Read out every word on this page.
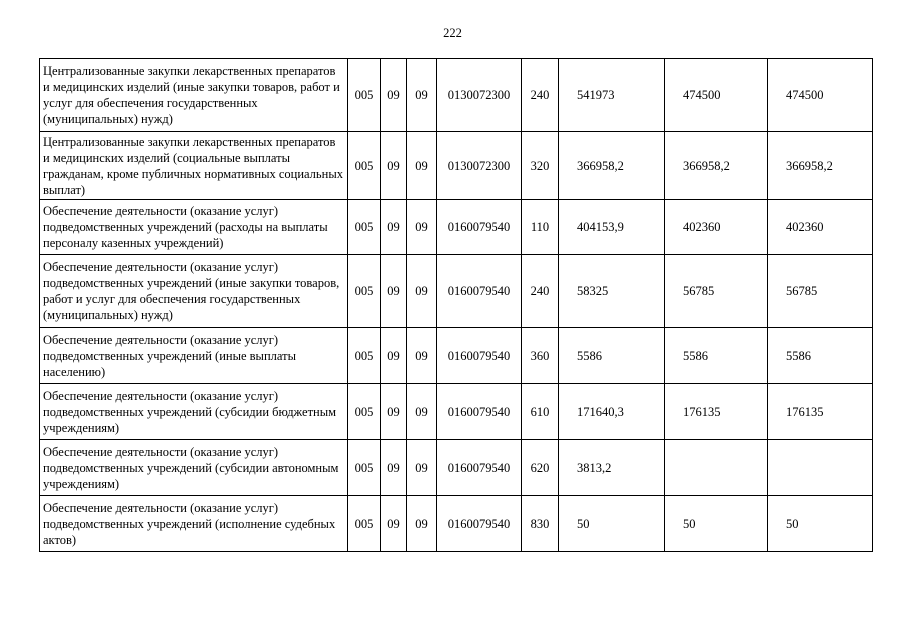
222
Централизованные закупки лекарственных препаратов и медицинских изделий (иные закупки товаров, работ и услуг для обеспечения государственных (муниципальных) нужд)	005	09	09	0130072300	240	541973	474500	474500
Централизованные закупки лекарственных препаратов и медицинских изделий (социальные выплаты гражданам, кроме публичных нормативных социальных выплат)	005	09	09	0130072300	320	366958,2	366958,2	366958,2
Обеспечение деятельности (оказание услуг) подведомственных учреждений (расходы на выплаты персоналу казенных учреждений)	005	09	09	0160079540	110	404153,9	402360	402360
Обеспечение деятельности (оказание услуг) подведомственных учреждений (иные закупки товаров, работ и услуг для обеспечения государственных (муниципальных) нужд)	005	09	09	0160079540	240	58325	56785	56785
Обеспечение деятельности (оказание услуг) подведомственных учреждений (иные выплаты населению)	005	09	09	0160079540	360	5586	5586	5586
Обеспечение деятельности (оказание услуг) подведомственных учреждений (субсидии бюджетным учреждениям)	005	09	09	0160079540	610	171640,3	176135	176135
Обеспечение деятельности (оказание услуг) подведомственных учреждений (субсидии автономным учреждениям)	005	09	09	0160079540	620	3813,2		
Обеспечение деятельности (оказание услуг) подведомственных учреждений (исполнение судебных актов)	005	09	09	0160079540	830	50	50	50
